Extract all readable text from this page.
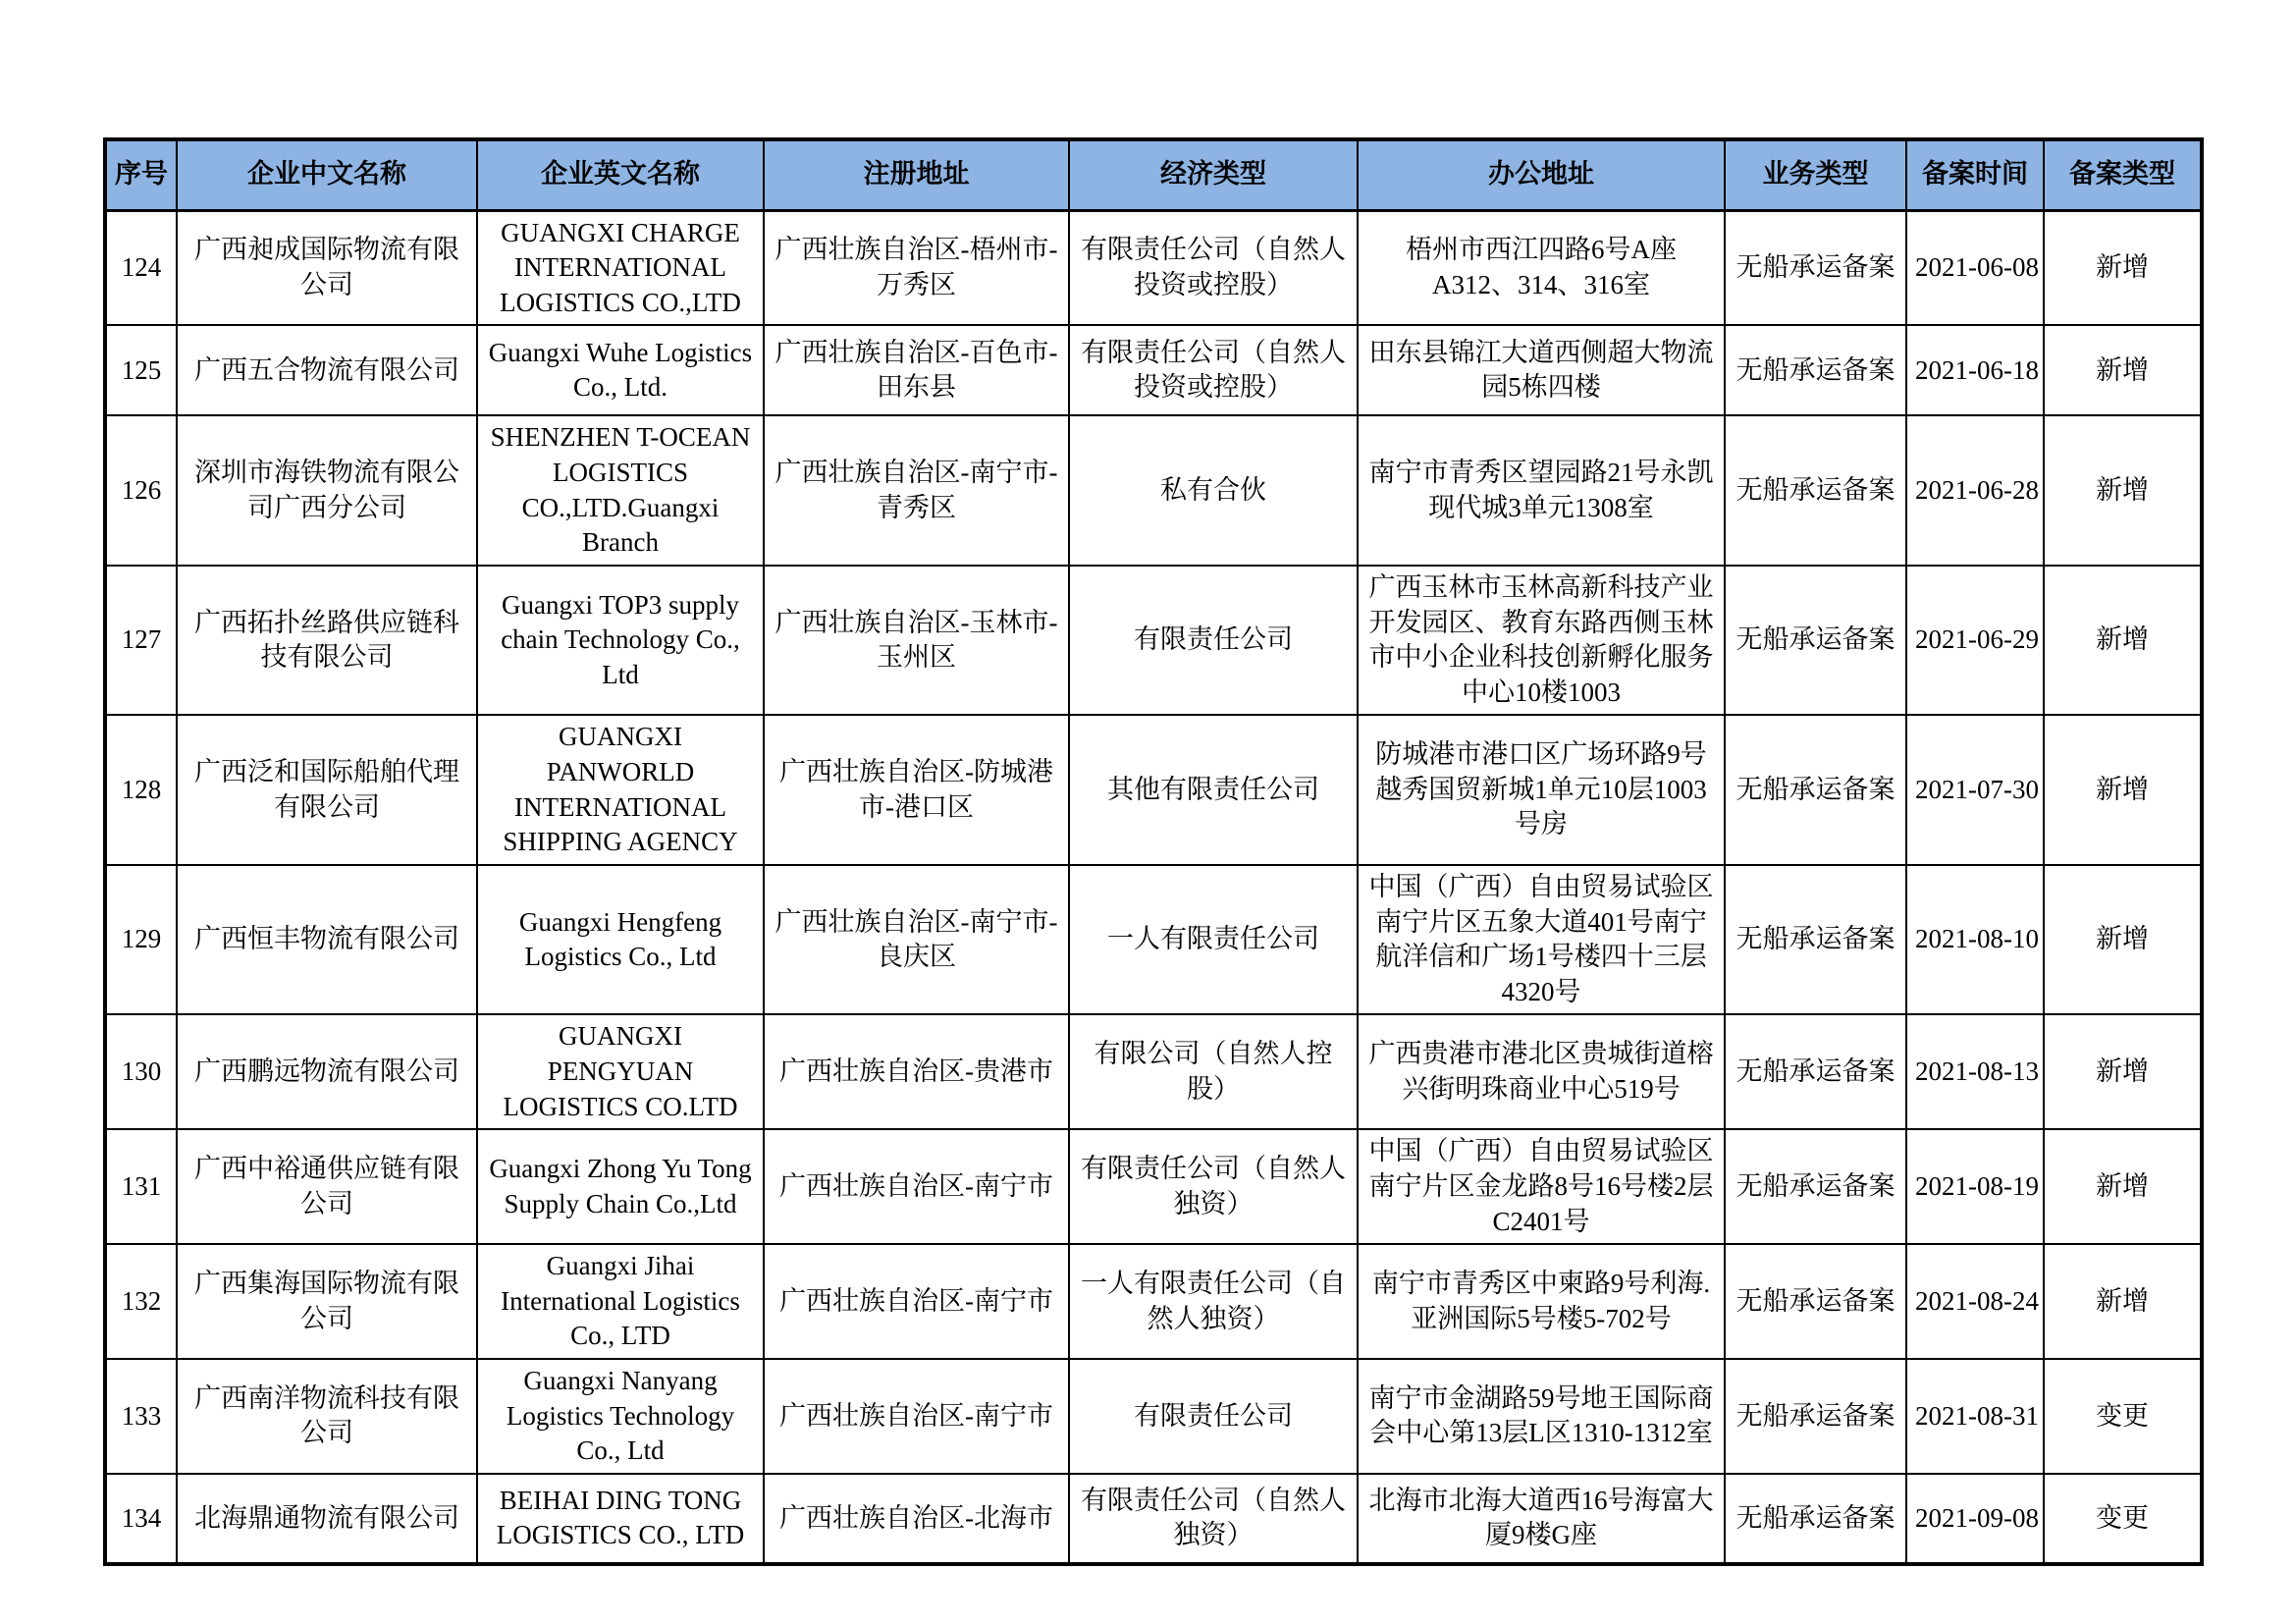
序号	企业中文名称	企业英文名称	注册地址	经济类型	办公地址	业务类型	备案时间	备案类型
124	广西昶成国际物流有限公司	GUANGXI CHARGE INTERNATIONAL LOGISTICS CO.,LTD	广西壮族自治区-梧州市-万秀区	有限责任公司（自然人投资或控股）	梧州市西江四路6号A座A312、314、316室	无船承运备案	2021-06-08	新增
125	广西五合物流有限公司	Guangxi Wuhe Logistics Co., Ltd.	广西壮族自治区-百色市-田东县	有限责任公司（自然人投资或控股）	田东县锦江大道西侧超大物流园5栋四楼	无船承运备案	2021-06-18	新增
126	深圳市海铁物流有限公司广西分公司	SHENZHEN T-OCEAN LOGISTICS CO.,LTD.Guangxi Branch	广西壮族自治区-南宁市-青秀区	私有合伙	南宁市青秀区望园路21号永凯现代城3单元1308室	无船承运备案	2021-06-28	新增
127	广西拓扑丝路供应链科技有限公司	Guangxi TOP3 supply chain Technology Co., Ltd	广西壮族自治区-玉林市-玉州区	有限责任公司	广西玉林市玉林高新科技产业开发园区、教育东路西侧玉林市中小企业科技创新孵化服务中心10楼1003	无船承运备案	2021-06-29	新增
128	广西泛和国际船舶代理有限公司	GUANGXI PANWORLD INTERNATIONAL SHIPPING AGENCY	广西壮族自治区-防城港市-港口区	其他有限责任公司	防城港市港口区广场环路9号越秀国贸新城1单元10层1003号房	无船承运备案	2021-07-30	新增
129	广西恒丰物流有限公司	Guangxi Hengfeng Logistics Co., Ltd	广西壮族自治区-南宁市-良庆区	一人有限责任公司	中国（广西）自由贸易试验区南宁片区五象大道401号南宁航洋信和广场1号楼四十三层4320号	无船承运备案	2021-08-10	新增
130	广西鹏远物流有限公司	GUANGXI PENGYUAN LOGISTICS CO.LTD	广西壮族自治区-贵港市	有限公司（自然人控股）	广西贵港市港北区贵城街道榕兴街明珠商业中心519号	无船承运备案	2021-08-13	新增
131	广西中裕通供应链有限公司	Guangxi Zhong Yu Tong Supply Chain Co.,Ltd	广西壮族自治区-南宁市	有限责任公司（自然人独资）	中国（广西）自由贸易试验区南宁片区金龙路8号16号楼2层C2401号	无船承运备案	2021-08-19	新增
132	广西集海国际物流有限公司	Guangxi Jihai International Logistics Co., LTD	广西壮族自治区-南宁市	一人有限责任公司（自然人独资）	南宁市青秀区中柬路9号利海.亚洲国际5号楼5-702号	无船承运备案	2021-08-24	新增
133	广西南洋物流科技有限公司	Guangxi Nanyang Logistics Technology Co., Ltd	广西壮族自治区-南宁市	有限责任公司	南宁市金湖路59号地王国际商会中心第13层L区1310-1312室	无船承运备案	2021-08-31	变更
134	北海鼎通物流有限公司	BEIHAI DING TONG LOGISTICS CO., LTD	广西壮族自治区-北海市	有限责任公司（自然人独资）	北海市北海大道西16号海富大厦9楼G座	无船承运备案	2021-09-08	变更
